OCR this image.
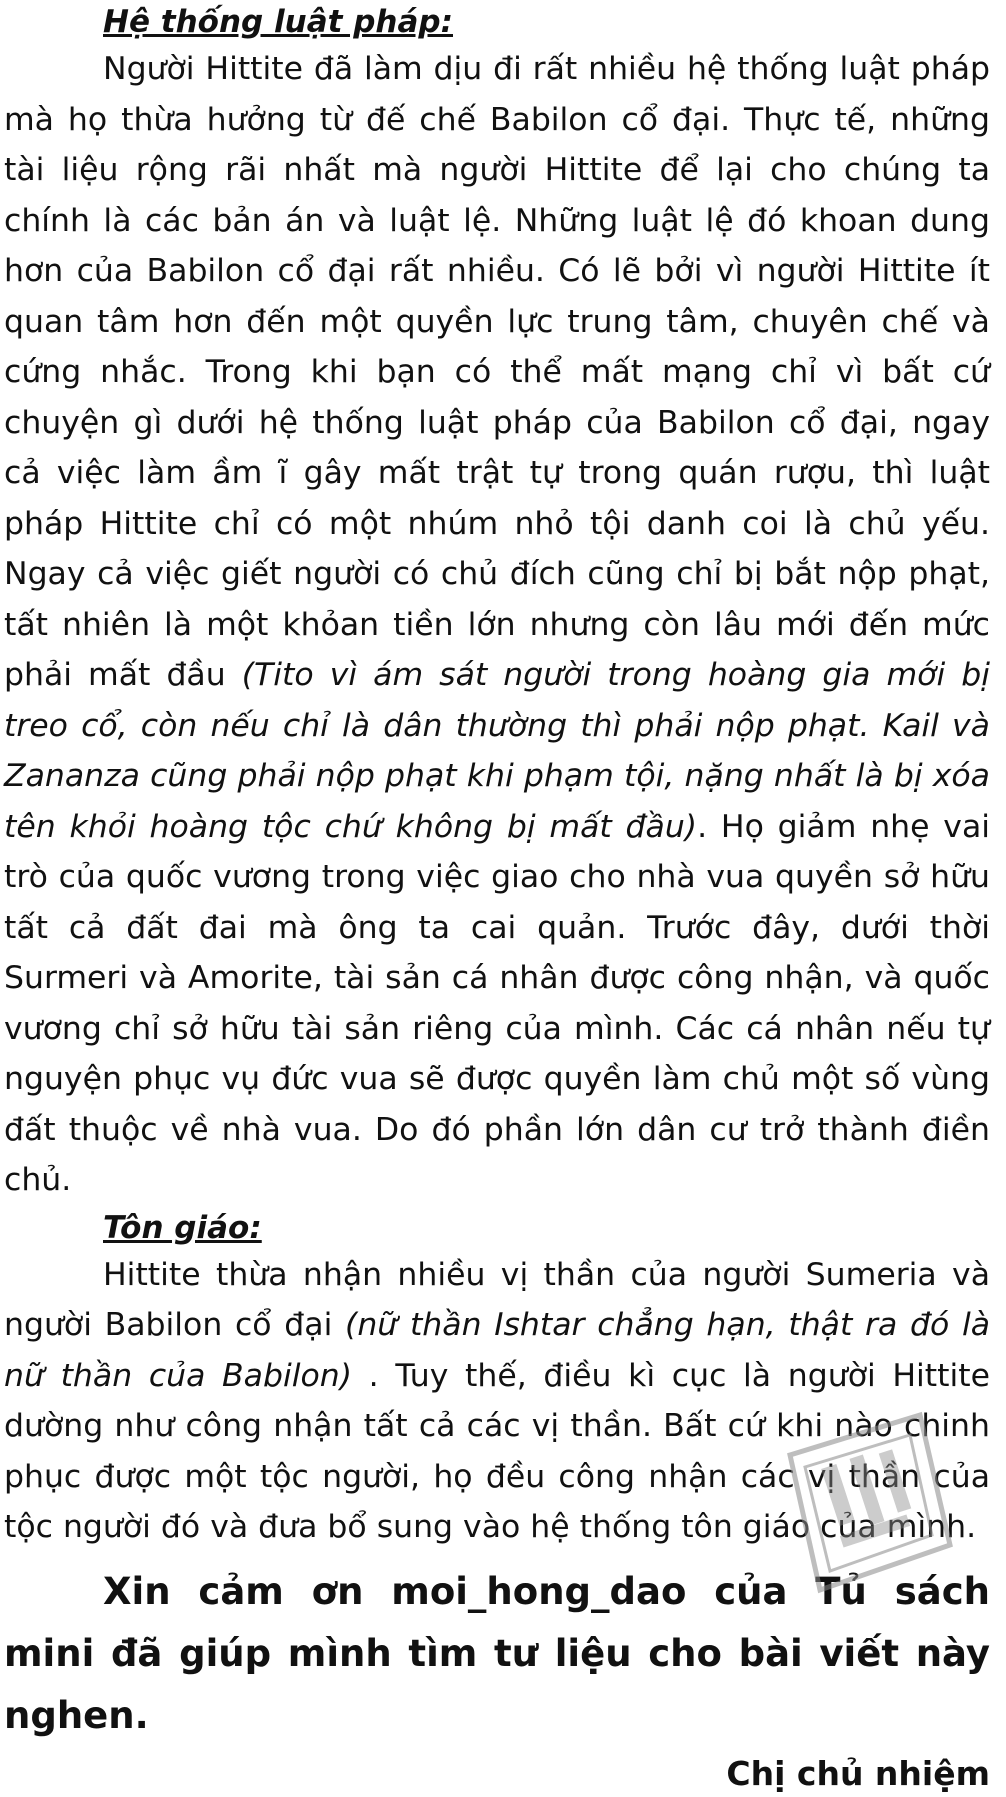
Hệ thống luật pháp:

Người Hittite đã làm dịu đi rất nhiều hệ thống luật pháp mà họ thừa hưởng từ đế chế Babilon cổ đại. Thực tế, những tài liệu rộng rãi nhất mà người Hittite để lại cho chúng ta chính là các bản án và luật lệ. Những luật lệ đó khoan dung hơn của Babilon cổ đại rất nhiều. Có lẽ bởi vì người Hittite ít quan tâm hơn đến một quyền lực trung tâm, chuyên chế và cứng nhắc. Trong khi bạn có thể mất mạng chỉ vì bất cứ chuyện gì dưới hệ thống luật pháp của Babilon cổ đại, ngay cả việc làm ầm ĩ gây mất trật tự trong quán rượu, thì luật pháp Hittite chỉ có một nhúm nhỏ tội danh coi là chủ yếu. Ngay cả việc giết người có chủ đích cũng chỉ bị bắt nộp phạt, tất nhiên là một khỏan tiền lớn nhưng còn lâu mới đến mức phải mất đầu (Tito vì ám sát người trong hoàng gia mới bị treo cổ, còn nếu chỉ là dân thường thì phải nộp phạt. Kail và Zananza cũng phải nộp phạt khi phạm tội, nặng nhất là bị xóa tên khỏi hoàng tộc chứ không bị mất đầu). Họ giảm nhẹ vai trò của quốc vương trong việc giao cho nhà vua quyền sở hữu tất cả đất đai mà ông ta cai quản. Trước đây, dưới thời Surmeri và Amorite, tài sản cá nhân được công nhận, và quốc vương chỉ sở hữu tài sản riêng của mình. Các cá nhân nếu tự nguyện phục vụ đức vua sẽ được quyền làm chủ một số vùng đất thuộc về nhà vua. Do đó phần lớn dân cư trở thành điền chủ.

Tôn giáo:

Hittite thừa nhận nhiều vị thần của người Sumeria và người Babilon cổ đại (nữ thần Ishtar chẳng hạn, thật ra đó là nữ thần của Babilon) . Tuy thế, điều kì cục là người Hittite dường như công nhận tất cả các vị thần. Bất cứ khi nào chinh phục được một tộc người, họ đều công nhận các vị thần của tộc người đó và đưa bổ sung vào hệ thống tôn giáo của mình.

Xin cảm ơn moi_hong_dao của Tủ sách mini đã giúp mình tìm tư liệu cho bài viết này nghen.

Chị chủ nhiệm
